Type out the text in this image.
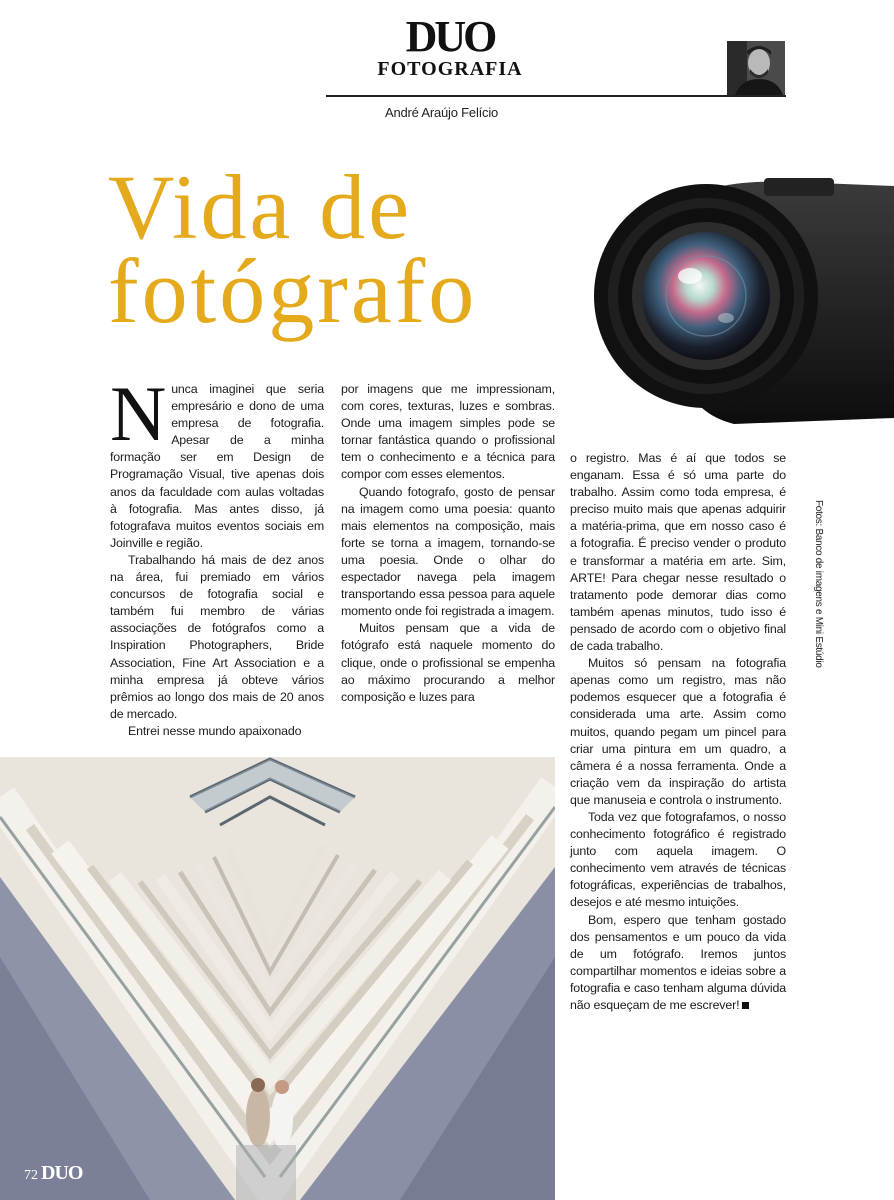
DUO
FOTOGRAFIA
André Araújo Felício
Vida de
fotógrafo

Nunca imaginei que seria empresário e dono de uma empresa de fotografia. Apesar de a minha formação ser em Design de Programação Visual, tive apenas dois anos da faculdade com aulas voltadas à fotografia. Mas antes disso, já fotografava muitos eventos sociais em Joinville e região.

Trabalhando há mais de dez anos na área, fui premiado em vários concursos de fotografia social e também fui membro de várias associações de fotógrafos como a Inspiration Photographers, Bride Association, Fine Art Association e a minha empresa já obteve vários prêmios ao longo dos mais de 20 anos de mercado.

Entrei nesse mundo apaixonado

por imagens que me impressionam, com cores, texturas, luzes e sombras. Onde uma imagem simples pode se tornar fantástica quando o profissional tem o conhecimento e a técnica para compor com esses elementos.

Quando fotografo, gosto de pensar na imagem como uma poesia: quanto mais elementos na composição, mais forte se torna a imagem, tornando-se uma poesia. Onde o olhar do espectador navega pela imagem transportando essa pessoa para aquele momento onde foi registrada a imagem.

Muitos pensam que a vida de fotógrafo está naquele momento do clique, onde o profissional se empenha ao máximo procurando a melhor composição e luzes para

o registro. Mas é aí que todos se enganam. Essa é só uma parte do trabalho. Assim como toda empresa, é preciso muito mais que apenas adquirir a matéria-prima, que em nosso caso é a fotografia. É preciso vender o produto e transformar a matéria em arte. Sim, ARTE! Para chegar nesse resultado o tratamento pode demorar dias como também apenas minutos, tudo isso é pensado de acordo com o objetivo final de cada trabalho.

Muitos só pensam na fotografia apenas como um registro, mas não podemos esquecer que a fotografia é considerada uma arte. Assim como muitos, quando pegam um pincel para criar uma pintura em um quadro, a câmera é a nossa ferramenta. Onde a criação vem da inspiração do artista que manuseia e controla o instrumento.

Toda vez que fotografamos, o nosso conhecimento fotográfico é registrado junto com aquela imagem. O conhecimento vem através de técnicas fotográficas, experiências de trabalhos, desejos e até mesmo intuições.

Bom, espero que tenham gostado dos pensamentos e um pouco da vida de um fotógrafo. Iremos juntos compartilhar momentos e ideias sobre a fotografia e caso tenham alguma dúvida não esqueçam de me escrever!

Fotos: Banco de imagens e Mini Estúdio
72 DUO
